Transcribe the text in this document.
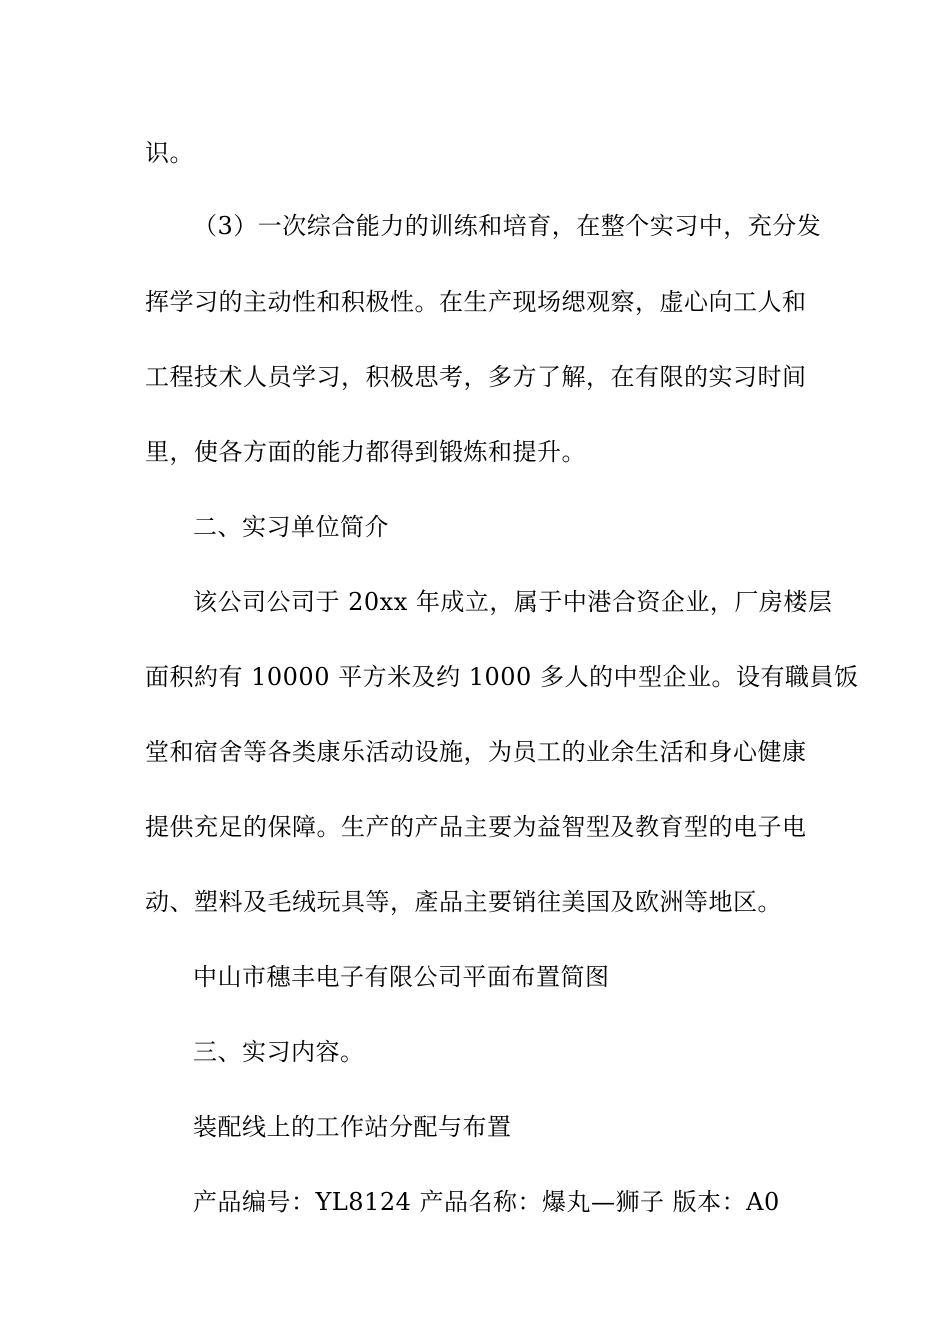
识。
（3）一次综合能力的训练和培育，在整个实习中，充分发
挥学习的主动性和积极性。在生产现场缌观察，虚心向工人和
工程技术人员学习，积极思考，多方了解，在有限的实习时间
里，使各方面的能力都得到锻炼和提升。
二、实习单位简介
该公司公司于 20xx 年成立，属于中港合资企业，厂房楼层
面积約有 10000 平方米及约 1000 多人的中型企业。设有職員饭
堂和宿舍等各类康乐活动设施，为员工的业余生活和身心健康
提供充足的保障。生产的产品主要为益智型及教育型的电子电
动、塑料及毛绒玩具等，產品主要销往美国及欧洲等地区。
中山市穗丰电子有限公司平面布置简图
三、实习内容。
装配线上的工作站分配与布置
产品编号：YL8124 产品名称：爆丸—狮子 版本：A0
